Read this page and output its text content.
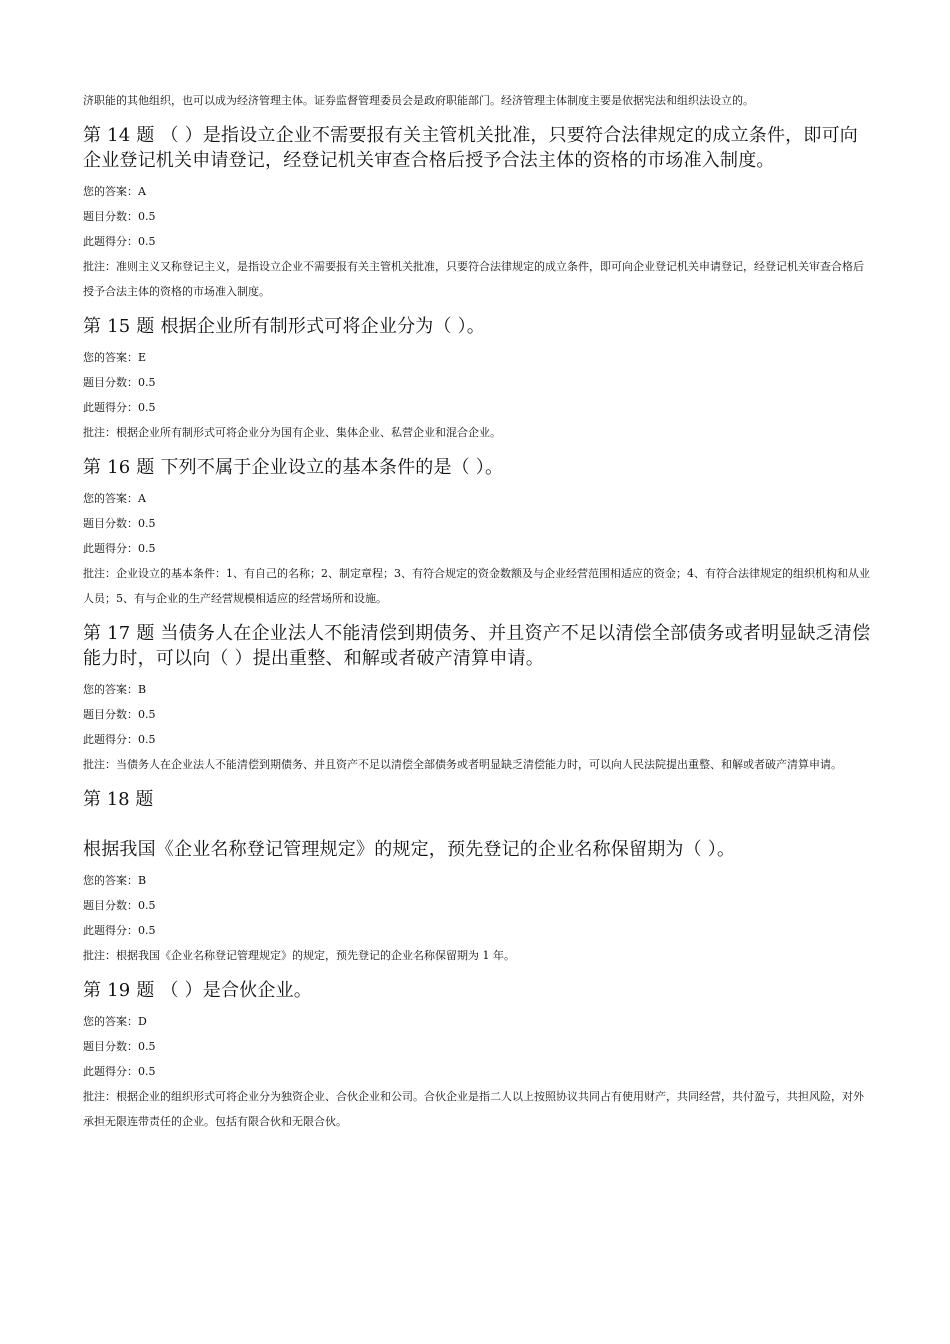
济职能的其他组织，也可以成为经济管理主体。证券监督管理委员会是政府职能部门。经济管理主体制度主要是依据宪法和组织法设立的。

第 14 题 （ ）是指设立企业不需要报有关主管机关批准，只要符合法律规定的成立条件，即可向企业登记机关申请登记，经登记机关审查合格后授予合法主体的资格的市场准入制度。

您的答案：A

题目分数：0.5

此题得分：0.5

批注：准则主义又称登记主义，是指设立企业不需要报有关主管机关批准，只要符合法律规定的成立条件，即可向企业登记机关申请登记，经登记机关审查合格后授予合法主体的资格的市场准入制度。

第 15 题 根据企业所有制形式可将企业分为（ ）。

您的答案：E

题目分数：0.5

此题得分：0.5

批注：根据企业所有制形式可将企业分为国有企业、集体企业、私营企业和混合企业。

第 16 题 下列不属于企业设立的基本条件的是（ ）。

您的答案：A

题目分数：0.5

此题得分：0.5

批注：企业设立的基本条件：1、有自己的名称；2、制定章程；3、有符合规定的资金数额及与企业经营范围相适应的资金；4、有符合法律规定的组织机构和从业人员；5、有与企业的生产经营规模相适应的经营场所和设施。

第 17 题 当债务人在企业法人不能清偿到期债务、并且资产不足以清偿全部债务或者明显缺乏清偿能力时，可以向（ ）提出重整、和解或者破产清算申请。

您的答案：B

题目分数：0.5

此题得分：0.5

批注：当债务人在企业法人不能清偿到期债务、并且资产不足以清偿全部债务或者明显缺乏清偿能力时，可以向人民法院提出重整、和解或者破产清算申请。

第 18 题

根据我国《企业名称登记管理规定》的规定，预先登记的企业名称保留期为（ ）。

您的答案：B

题目分数：0.5

此题得分：0.5

批注：根据我国《企业名称登记管理规定》的规定，预先登记的企业名称保留期为 1 年。

第 19 题 （ ）是合伙企业。

您的答案：D

题目分数：0.5

此题得分：0.5

批注：根据企业的组织形式可将企业分为独资企业、合伙企业和公司。合伙企业是指二人以上按照协议共同占有使用财产，共同经营，共付盈亏，共担风险，对外承担无限连带责任的企业。包括有限合伙和无限合伙。
